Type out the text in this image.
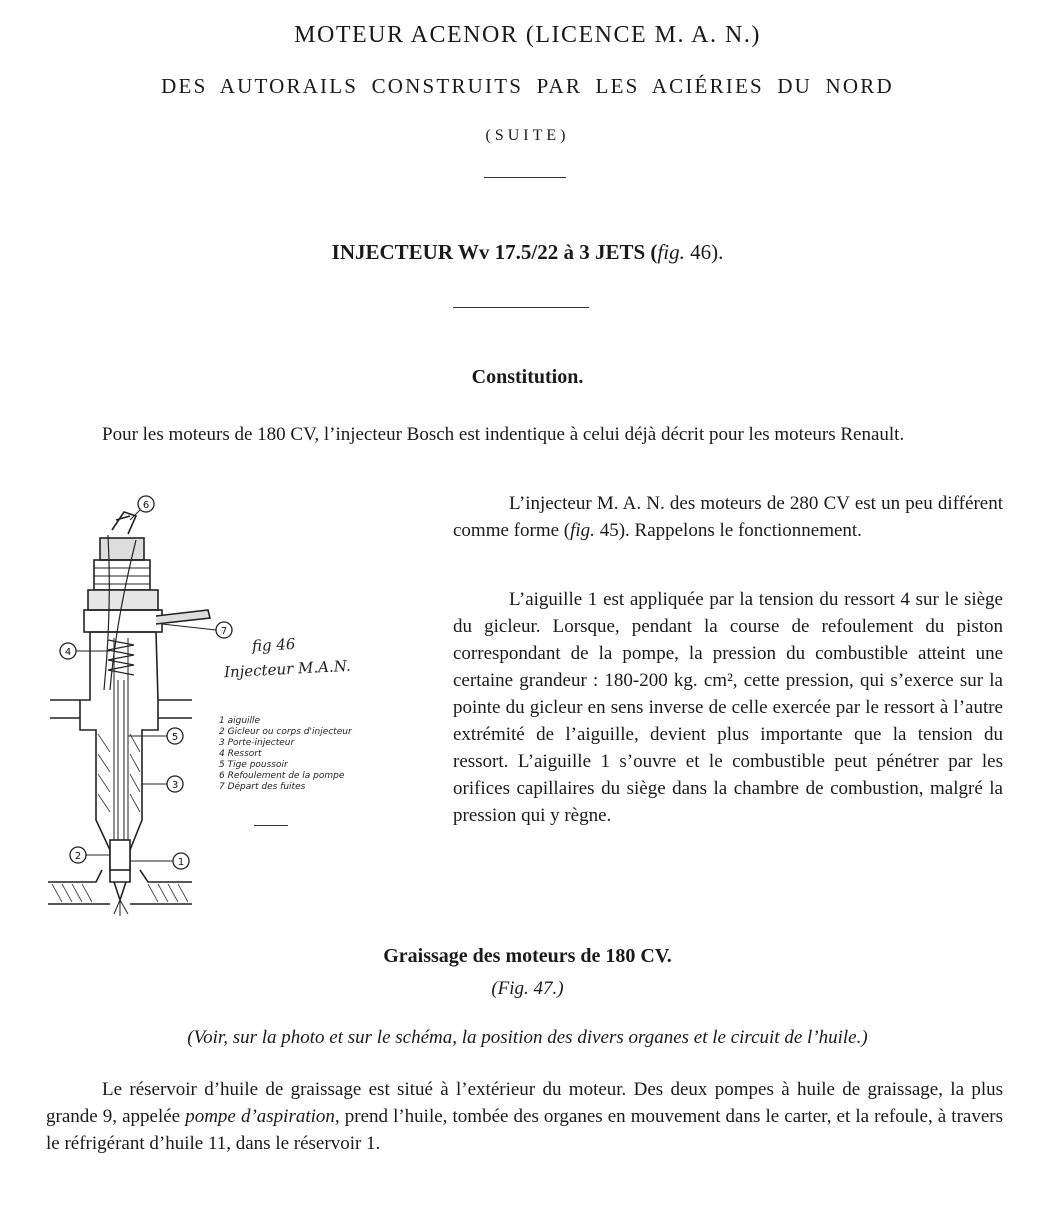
MOTEUR ACENOR (LICENCE M. A. N.)
DES AUTORAILS CONSTRUITS PAR LES ACIÉRIES DU NORD
(SUITE)
INJECTEUR Wv 17.5/22 à 3 JETS (fig. 46).
Constitution.
Pour les moteurs de 180 CV, l’injecteur Bosch est indentique à celui déjà décrit pour les moteurs Renault.
L’injecteur M. A. N. des moteurs de 280 CV est un peu différent comme forme (fig. 45). Rappelons le fonctionnement.
L’aiguille 1 est appliquée par la tension du ressort 4 sur le siège du gicleur. Lorsque, pendant la course de refoulement du piston correspondant de la pompe, la pression du combustible atteint une certaine grandeur : 180-200 kg. cm², cette pression, qui s’exerce sur la pointe du gicleur en sens inverse de celle exercée par le ressort à l’autre extrémité de l’aiguille, devient plus importante que la tension du ressort. L’aiguille 1 s’ouvre et le combustible peut pénétrer par les orifices capillaires du siège dans la chambre de combustion, malgré la pression qui y règne.
6
7
4
5
3
2
1
fig 46
Injecteur M.A.N.
1 aiguille
2 Gicleur ou corps d'injecteur
3 Porte-injecteur
4 Ressort
5 Tige poussoir
6 Refoulement de la pompe
7 Départ des fuites
Graissage des moteurs de 180 CV.
(Fig. 47.)
(Voir, sur la photo et sur le schéma, la position des divers organes et le circuit de l’huile.)
Le réservoir d’huile de graissage est situé à l’extérieur du moteur. Des deux pompes à huile de graissage, la plus grande 9, appelée pompe d’aspiration, prend l’huile, tombée des organes en mouvement dans le carter, et la refoule, à travers le réfrigérant d’huile 11, dans le réservoir 1.
